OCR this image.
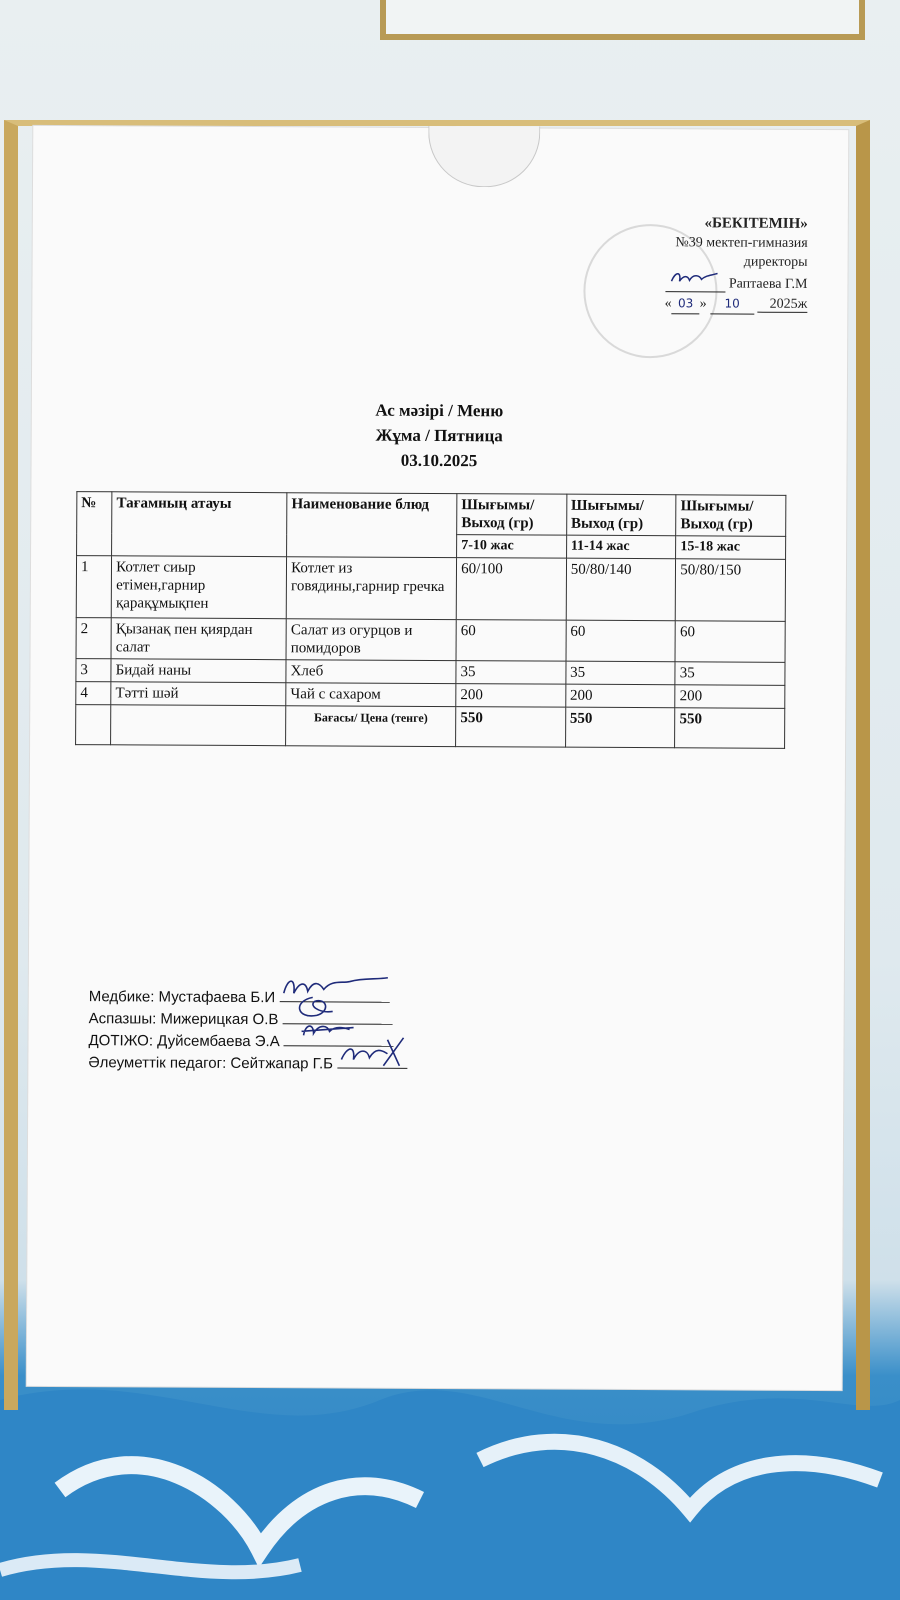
«БЕКІТЕМІН»
№39 мектеп-гимназия
директоры
Раптаева Г.М
« 03 » 10 2025ж
Ас мәзірі / Меню
Жұма / Пятница
03.10.2025
№	Тағамның атауы	Наименование блюд	Шығымы/ Выход (гр)	Шығымы/ Выход (гр)	Шығымы/ Выход (гр)
			7-10 жас	11-14 жас	15-18 жас
1	Котлет сиыр етімен,гарнир қарақұмықпен	Котлет из говядины,гарнир гречка	60/100	50/80/140	50/80/150
2	Қызанақ пен қиярдан салат	Салат из огурцов и помидоров	60	60	60
3	Бидай наны	Хлеб	35	35	35
4	Тәтті шәй	Чай с сахаром	200	200	200
		Бағасы/ Цена (тенге)	550	550	550
Медбике: Мустафаева Б.И
Аспазшы: Мижерицкая О.В
ДОТІЖО: Дуйсембаева Э.А
Әлеуметтік педагог: Сейтжапар Г.Б
